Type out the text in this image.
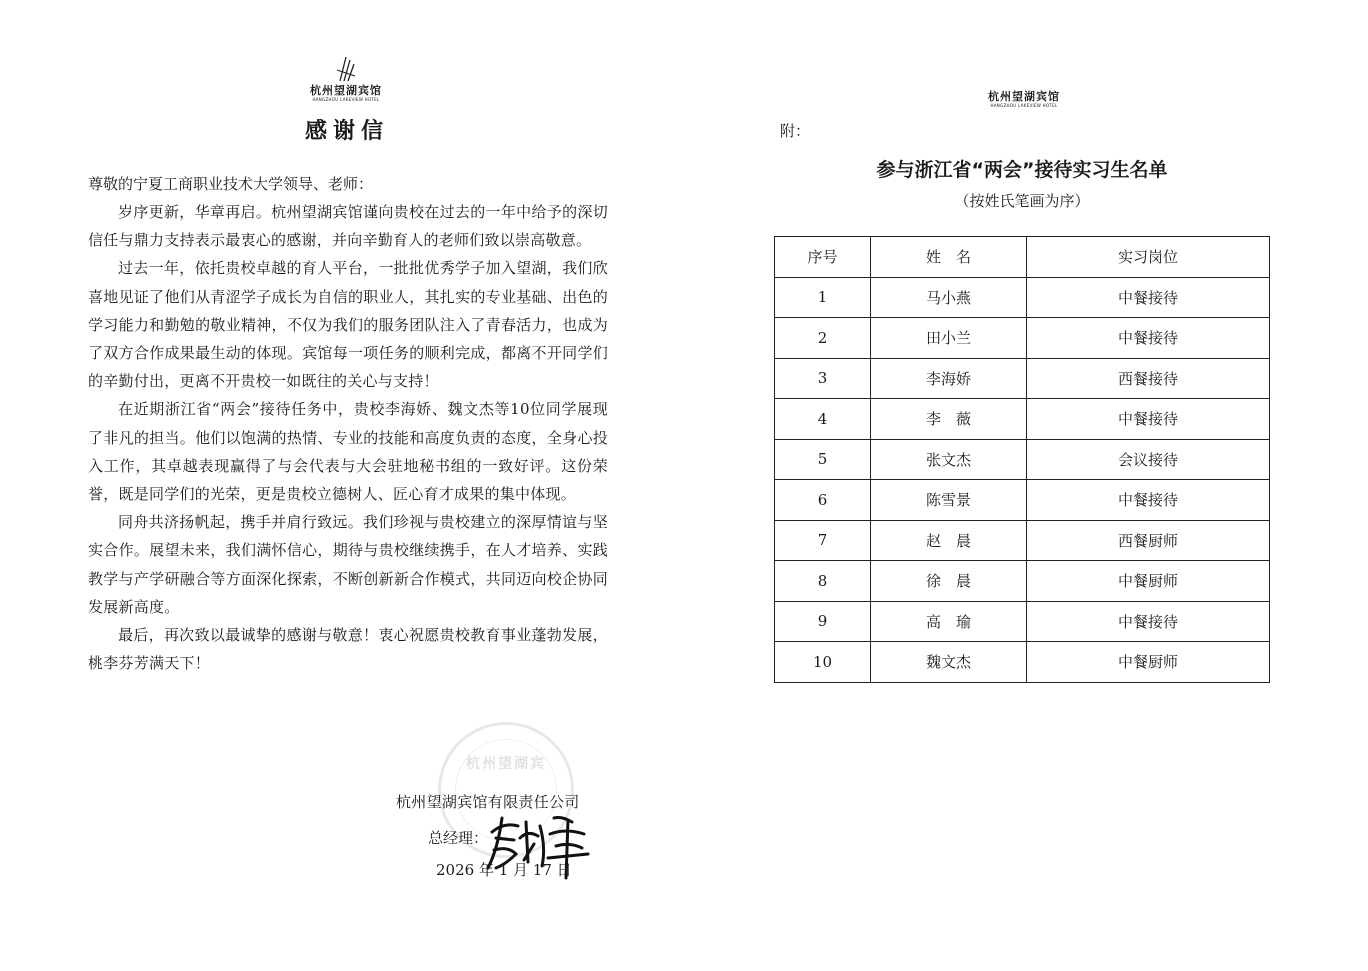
杭州望湖宾馆
HANGZHOU LAKEVIEW HOTEL
感谢信
尊敬的宁夏工商职业技术大学领导、老师：

岁序更新，华章再启。杭州望湖宾馆谨向贵校在过去的一年中给予的深切信任与鼎力支持表示最衷心的感谢，并向辛勤育人的老师们致以崇高敬意。

过去一年，依托贵校卓越的育人平台，一批批优秀学子加入望湖，我们欣喜地见证了他们从青涩学子成长为自信的职业人，其扎实的专业基础、出色的学习能力和勤勉的敬业精神，不仅为我们的服务团队注入了青春活力，也成为了双方合作成果最生动的体现。宾馆每一项任务的顺利完成，都离不开同学们的辛勤付出，更离不开贵校一如既往的关心与支持！

在近期浙江省“两会”接待任务中，贵校李海娇、魏文杰等10位同学展现了非凡的担当。他们以饱满的热情、专业的技能和高度负责的态度，全身心投入工作，其卓越表现赢得了与会代表与大会驻地秘书组的一致好评。这份荣誉，既是同学们的光荣，更是贵校立德树人、匠心育才成果的集中体现。

同舟共济扬帆起，携手并肩行致远。我们珍视与贵校建立的深厚情谊与坚实合作。展望未来，我们满怀信心，期待与贵校继续携手，在人才培养、实践教学与产学研融合等方面深化探索，不断创新新合作模式，共同迈向校企协同发展新高度。

最后，再次致以最诚挚的感谢与敬意！衷心祝愿贵校教育事业蓬勃发展，桃李芬芳满天下！

杭州望湖宾
杭州望湖宾馆有限责任公司
总经理：
2026 年 1 月 17 日
杭州望湖宾馆
HANGZHOU LAKEVIEW HOTEL
附：
参与浙江省“两会”接待实习生名单
（按姓氏笔画为序）
序号	姓　名	实习岗位
1	马小燕	中餐接待
2	田小兰	中餐接待
3	李海娇	西餐接待
4	李　薇	中餐接待
5	张文杰	会议接待
6	陈雪景	中餐接待
7	赵　晨	西餐厨师
8	徐　晨	中餐厨师
9	高　瑜	中餐接待
10	魏文杰	中餐厨师
